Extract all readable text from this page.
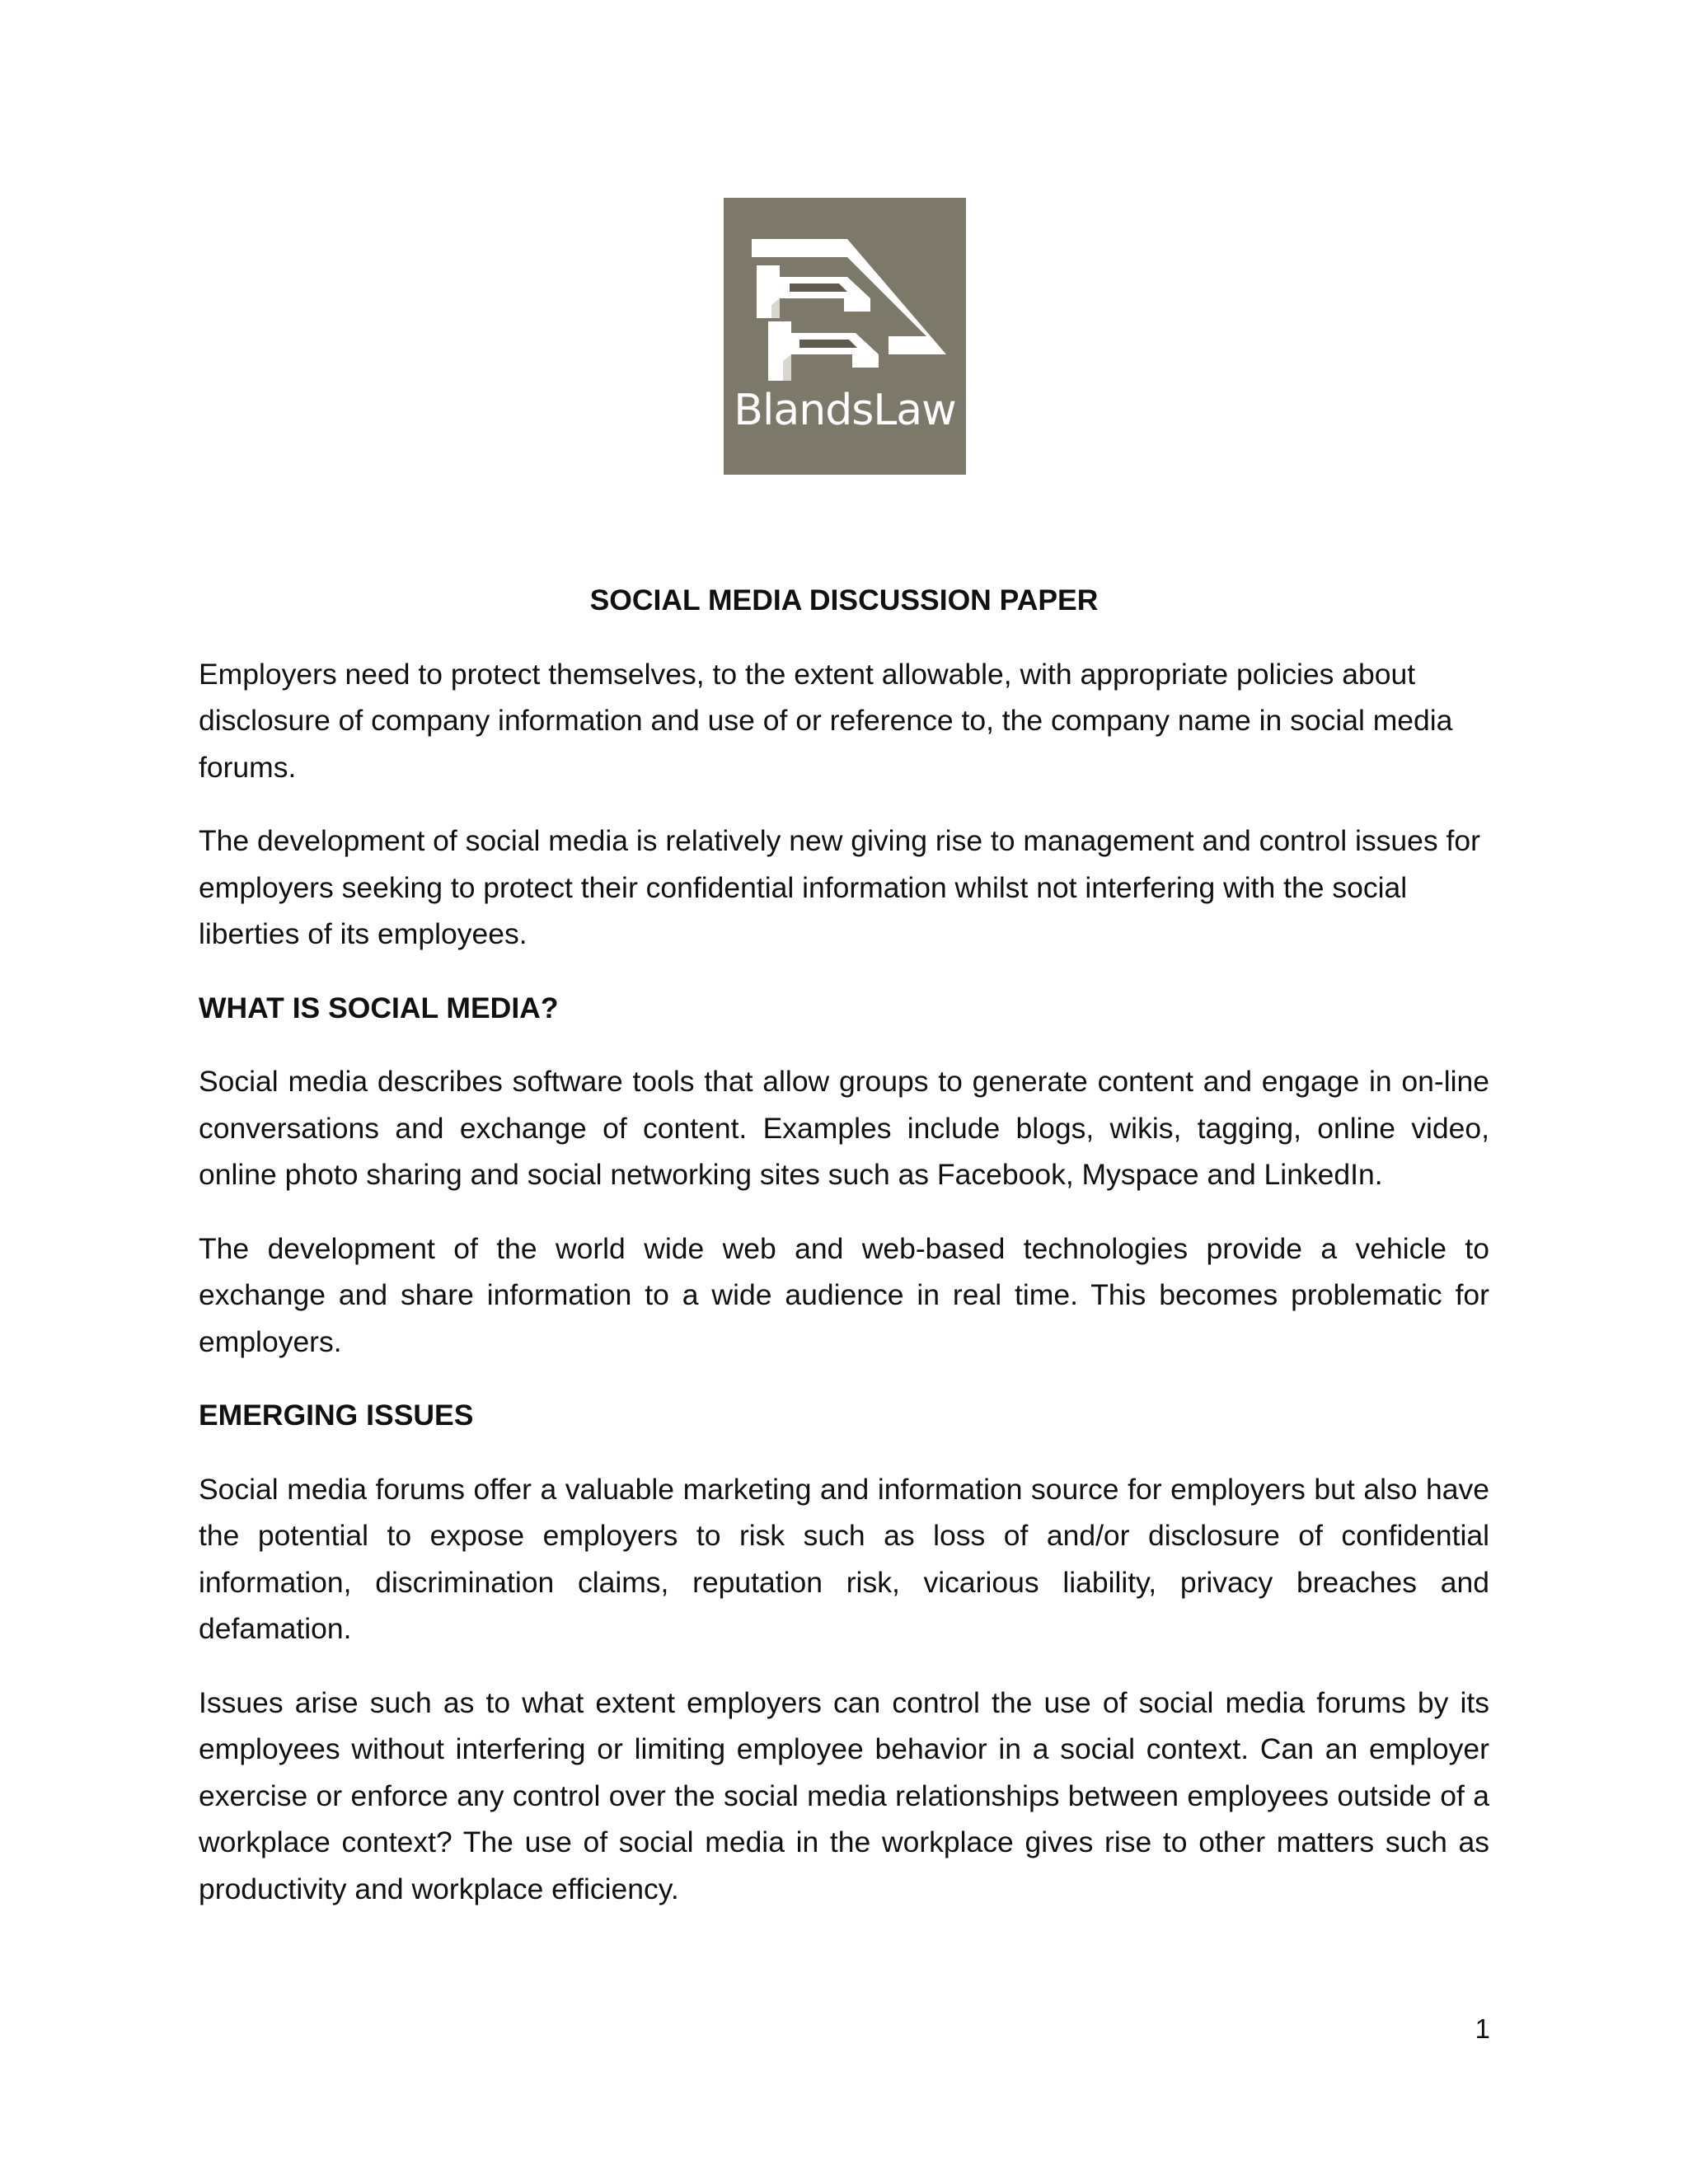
BlandsLaw
SOCIAL MEDIA DISCUSSION PAPER

Employers need to protect themselves, to the extent allowable, with appropriate policies about disclosure of company information and use of or reference to, the company name in social media forums.

The development of social media is relatively new giving rise to management and control issues for employers seeking to protect their confidential information whilst not interfering with the social liberties of its employees.

WHAT IS SOCIAL MEDIA?

Social media describes software tools that allow groups to generate content and engage in on-line conversations and exchange of content. Examples include blogs, wikis, tagging, online video, online photo sharing and social networking sites such as Facebook, Myspace and LinkedIn.

The development of the world wide web and web-based technologies provide a vehicle to exchange and share information to a wide audience in real time. This becomes problematic for employers.

EMERGING ISSUES

Social media forums offer a valuable marketing and information source for employers but also have the potential to expose employers to risk such as loss of and/or disclosure of confidential information, discrimination claims, reputation risk, vicarious liability, privacy breaches and defamation.

Issues arise such as to what extent employers can control the use of social media forums by its employees without interfering or limiting employee behavior in a social context. Can an employer exercise or enforce any control over the social media relationships between employees outside of a workplace context? The use of social media in the workplace gives rise to other matters such as productivity and workplace efficiency.

1
